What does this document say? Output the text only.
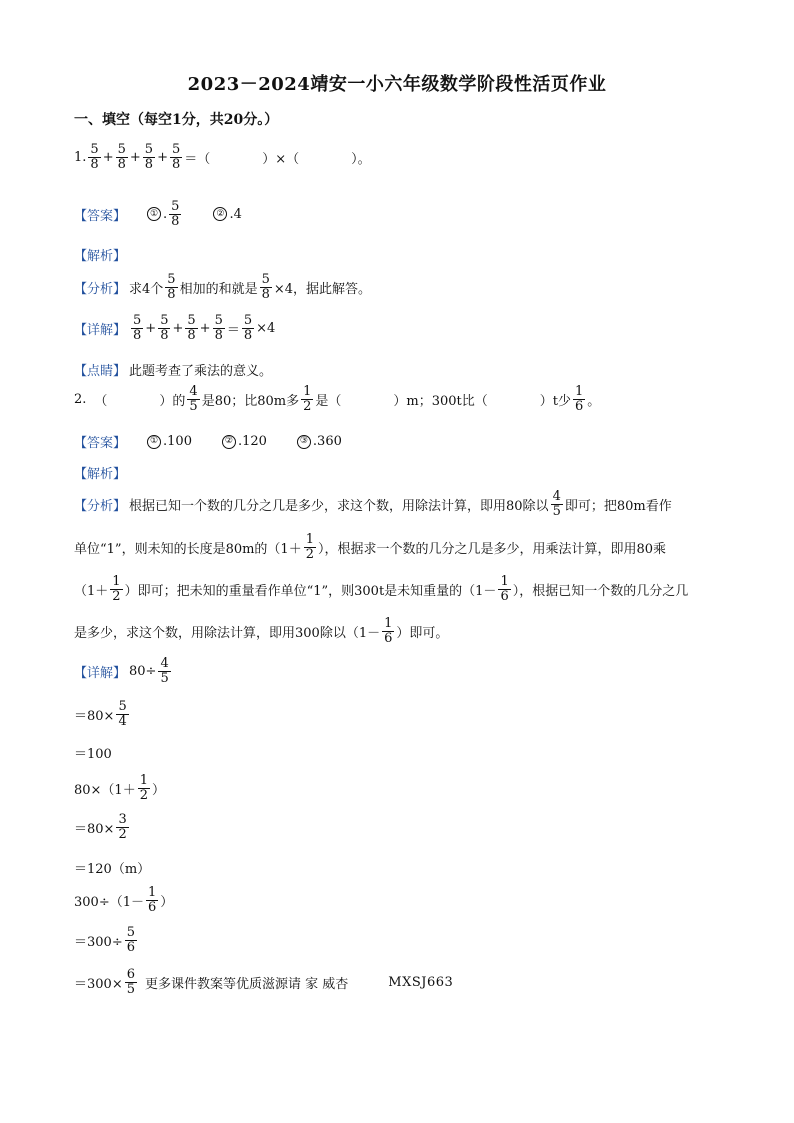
2023－2024靖安一小六年级数学阶段性活页作业
一、填空（每空1分，共20分。）
1. $\frac{5}{8} + \frac{5}{8} + \frac{5}{8} + \frac{5}{8}$ ＝（　　　　）×（　　　　）。
【答案】	① . $\frac{5}{8}$	② .4
【解析】
【分析】 求4个 $\frac{5}{8}$ 相加的和就是 $\frac{5}{8} \times 4$，据此解答。
【详解】 $\frac{5}{8} + \frac{5}{8} + \frac{5}{8} + \frac{5}{8} = \frac{5}{8} \times 4$
【点睛】 此题考查了乘法的意义。
2. （　　　　）的 $\frac{4}{5}$ 是80；比80m多 $\frac{1}{2}$ 是（　　　　）m；300t比（　　　　）t少 $\frac{1}{6}$ 。
【答案】	① .100	② .120	③ .360
【解析】
【分析】 根据已知一个数的几分之几是多少，求这个数，用除法计算，即用80除以 $\frac{4}{5}$ 即可；把80m看作
单位“1”，则未知的长度是80m的（$1+ \frac{1}{2}$ ），根据求一个数的几分之几是多少，用乘法计算，即用80乘
（$1+ \frac{1}{2}$ ）即可；把未知的重量看作单位“1”，则300t是未知重量的（$1- \frac{1}{6}$ ），根据已知一个数的几分之几
是多少，求这个数，用除法计算，即用300除以（$1- \frac{1}{6}$ ）即可。
【详解】 $80\div \frac{4}{5}$
$=80\times \frac{5}{4}$
＝100
$80\times(1+ \frac{1}{2}$ ）
$=80\times \frac{3}{2}$
＝120（m）
$300\div(1- \frac{1}{6}$ ）
$=300\div \frac{5}{6}$
$=300\times \frac{6}{5}$ 更多课件教案等优质滋源请 家 威杏	MXSJ663
